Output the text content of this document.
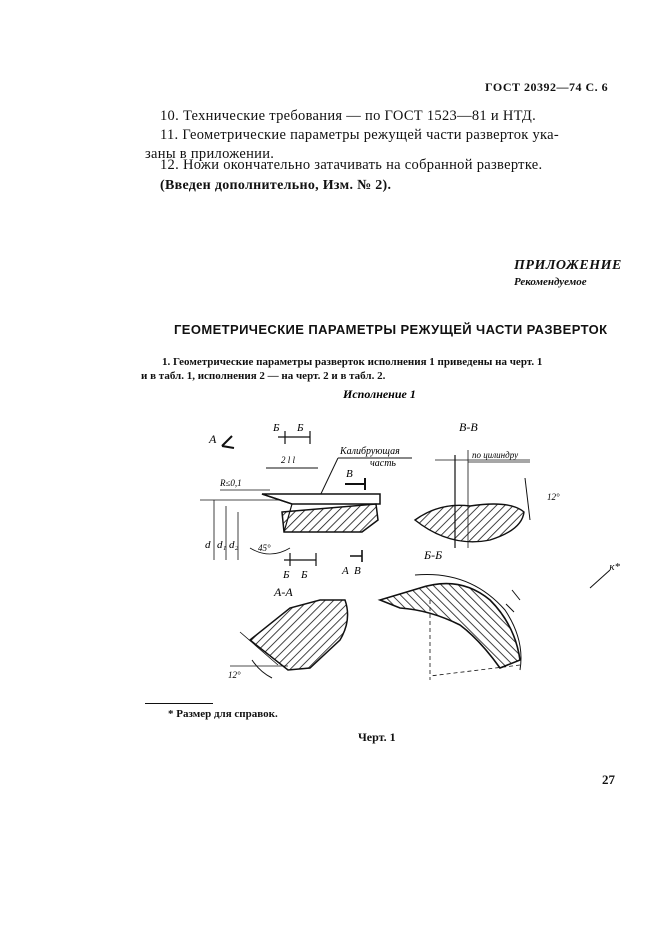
ГОСТ 20392—74 С. 6
10. Технические требования — по ГОСТ 1523—81 и НТД.
11. Геометрические параметры режущей части разверток ука-
заны в приложении.
12. Ножи окончательно затачивать на собранной развертке.
(Введен дополнительно, Изм. № 2).
ПРИЛОЖЕНИЕ
Рекомендуемое
ГЕОМЕТРИЧЕСКИЕ ПАРАМЕТРЫ РЕЖУЩЕЙ ЧАСТИ РАЗВЕРТОК
1. Геометрические параметры разверток исполнения 1 приведены на черт. 1
и в табл. 1, исполнения 2 — на черт. 2 и в табл. 2.
Исполнение 1
А
Б Б
Калибрующая
часть
2 l l
R≤0,1
В
d d₁ d₂ 45°
Б Б	А В
В-В
по цилиндру
12°
Б-Б
к*
А-А
12°
* Размер для справок.
Черт. 1
27
